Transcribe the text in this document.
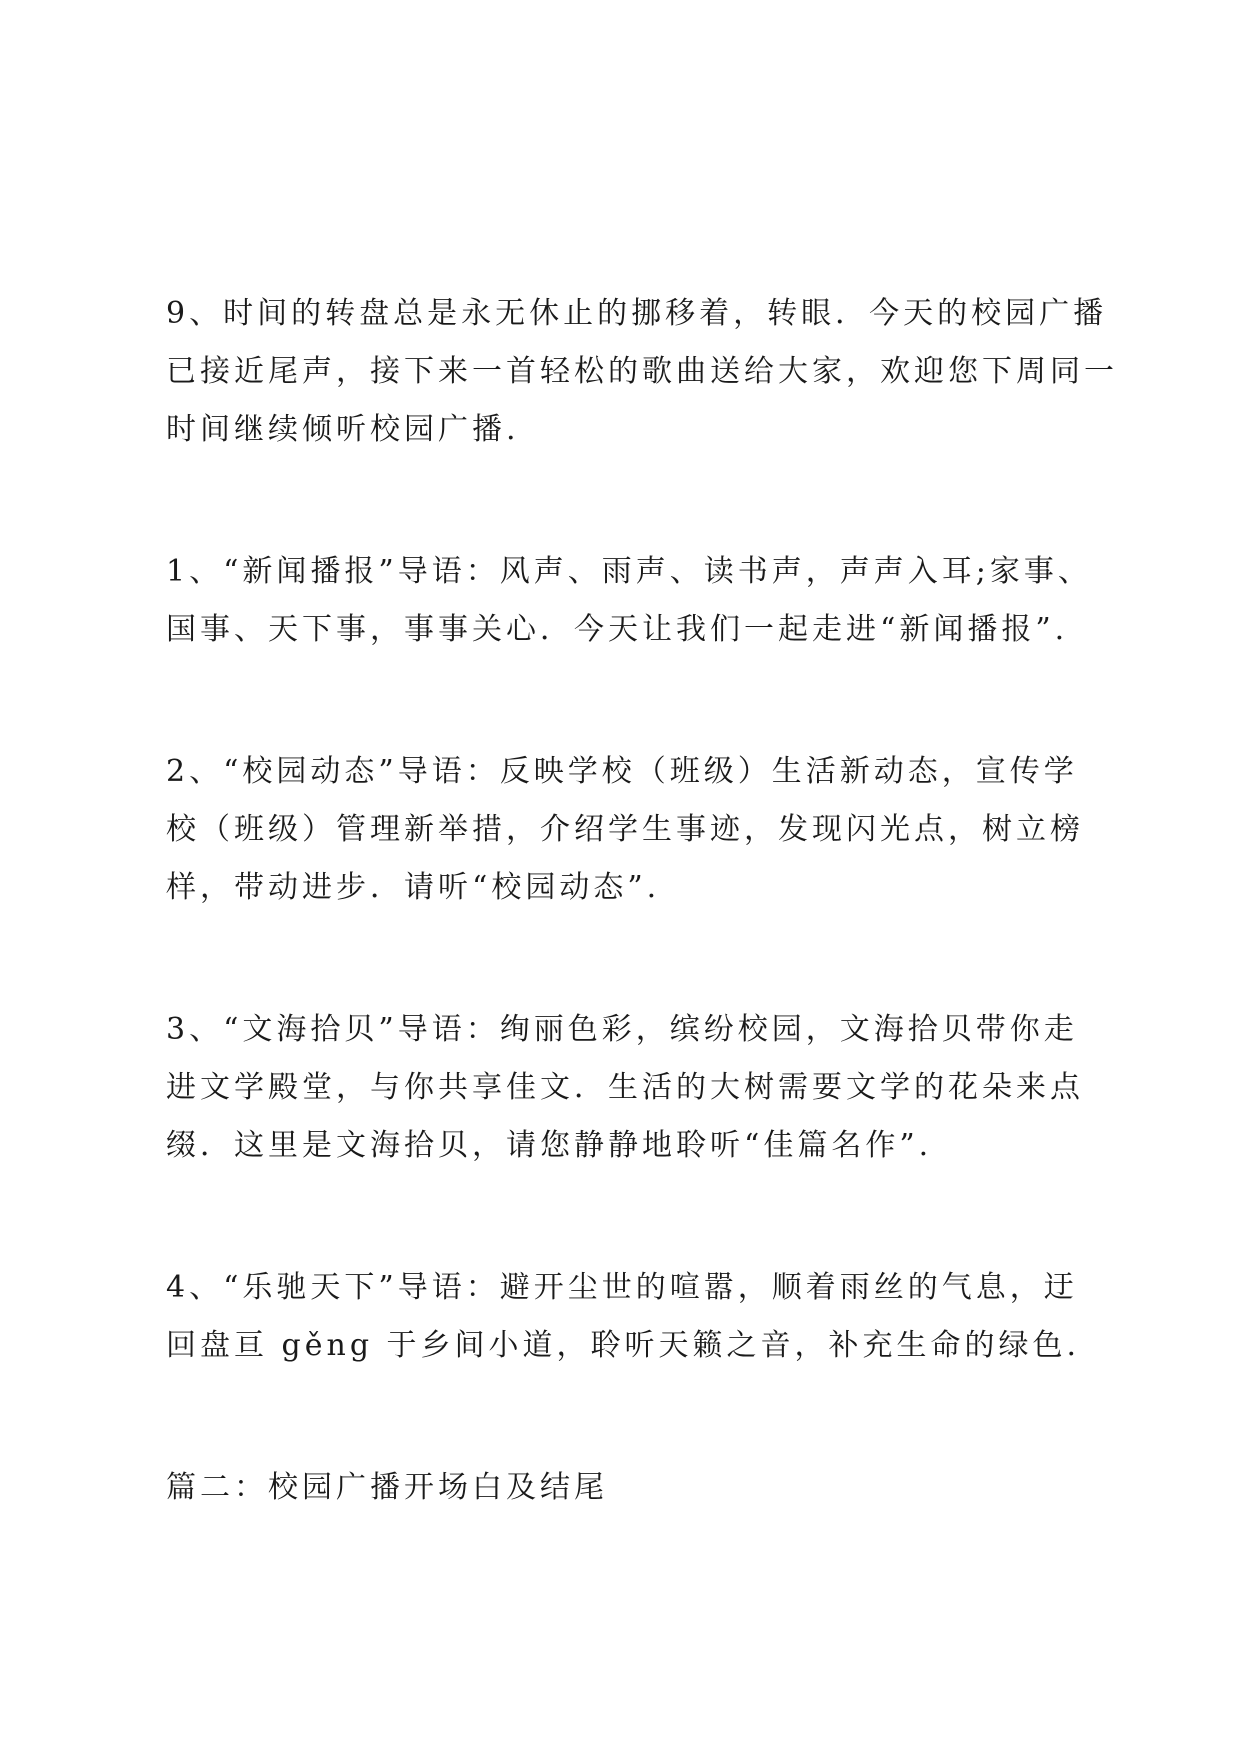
9、时间的转盘总是永无休止的挪移着，转眼．今天的校园广播
已接近尾声，接下来一首轻松的歌曲送给大家，欢迎您下周同一
时间继续倾听校园广播.

1、“新闻播报”导语：风声、雨声、读书声，声声入耳;家事、
国事、天下事，事事关心．今天让我们一起走进“新闻播报”.

2、“校园动态”导语：反映学校（班级）生活新动态，宣传学
校（班级）管理新举措，介绍学生事迹，发现闪光点，树立榜
样，带动进步．请听“校园动态”.

3、“文海拾贝”导语：绚丽色彩，缤纷校园，文海拾贝带你走
进文学殿堂，与你共享佳文．生活的大树需要文学的花朵来点
缀．这里是文海拾贝，请您静静地聆听“佳篇名作”.

4、“乐驰天下”导语：避开尘世的喧嚣，顺着雨丝的气息，迂
回盘亘 gěng 于乡间小道，聆听天籁之音，补充生命的绿色.

篇二：校园广播开场白及结尾
